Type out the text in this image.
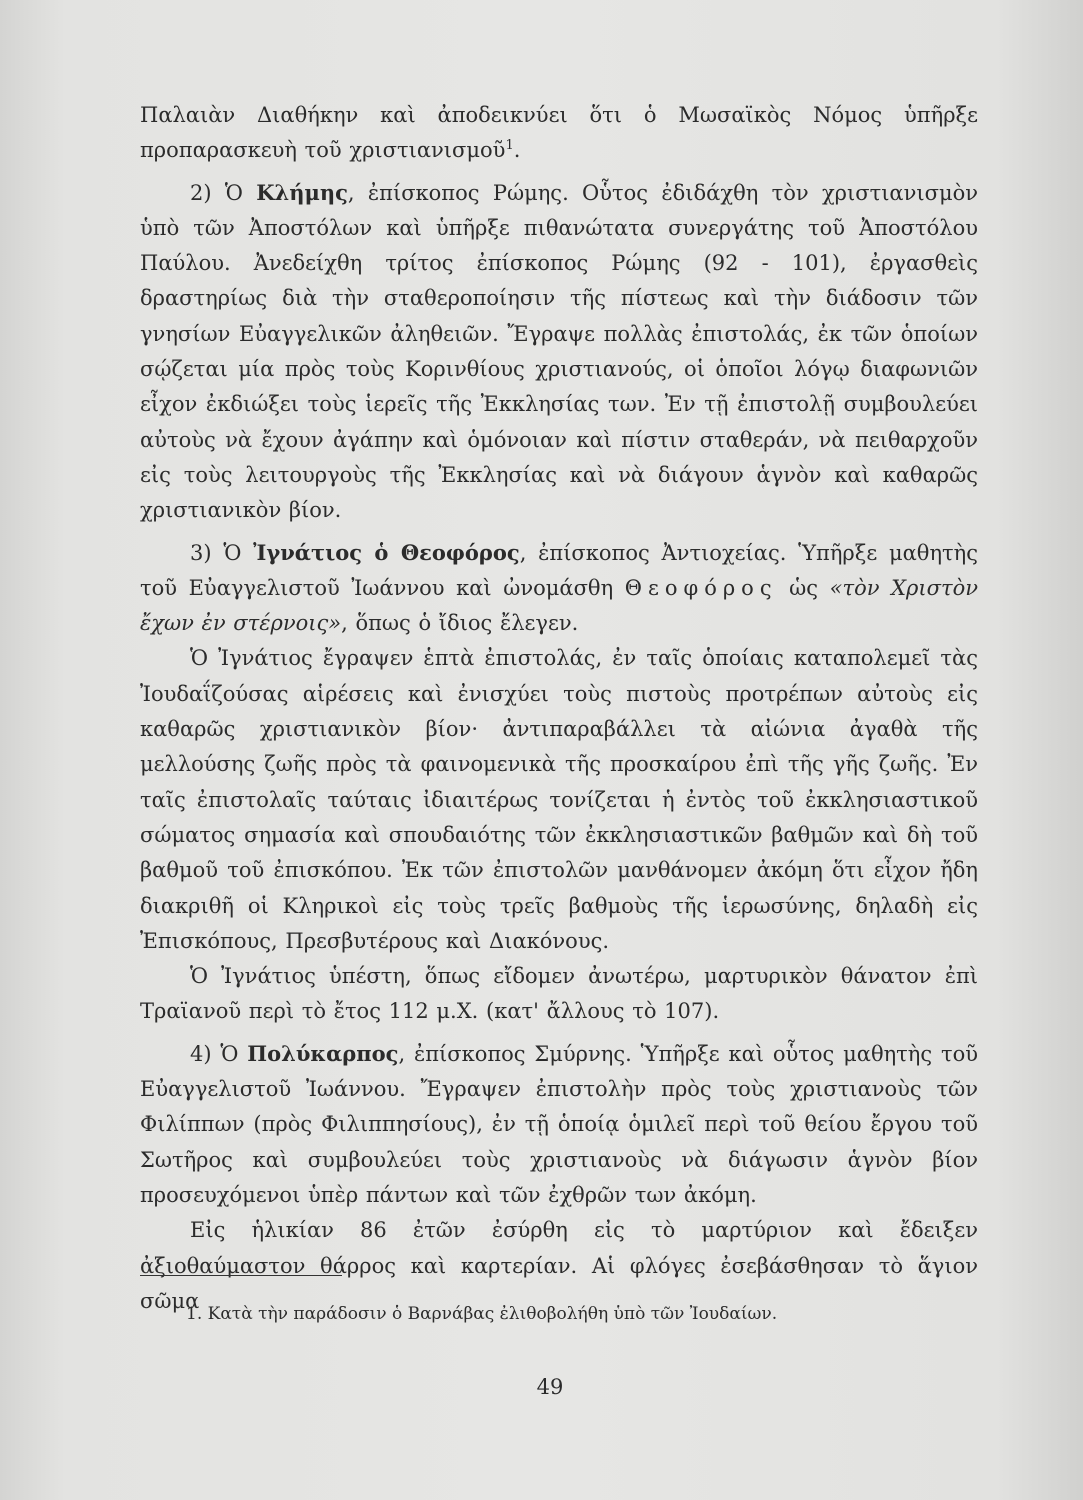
Παλαιὰν Διαθήκην καὶ ἀποδεικνύει ὅτι ὁ Μωσαϊκὸς Νόμος ὑπῆρξε προπαρασκευὴ τοῦ χριστιανισμοῦ$^1$.

2) Ὁ Κλήμης, ἐπίσκοπος Ρώμης. Οὗτος ἐδιδάχθη τὸν χριστιανισμὸν ὑπὸ τῶν Ἀποστόλων καὶ ὑπῆρξε πιθανώτατα συνεργάτης τοῦ Ἀποστόλου Παύλου. Ἀνεδείχθη τρίτος ἐπίσκοπος Ρώμης (92 - 101), ἐργασθεὶς δραστηρίως διὰ τὴν σταθεροποίησιν τῆς πίστεως καὶ τὴν διάδοσιν τῶν γνησίων Εὐαγγελικῶν ἀληθειῶν. Ἔγραψε πολλὰς ἐπιστολάς, ἐκ τῶν ὁποίων σῴζεται μία πρὸς τοὺς Κορινθίους χριστιανούς, οἱ ὁποῖοι λόγῳ διαφωνιῶν εἶχον ἐκδιώξει τοὺς ἱερεῖς τῆς Ἐκκλησίας των. Ἐν τῇ ἐπιστολῇ συμβουλεύει αὐτοὺς νὰ ἔχουν ἀγάπην καὶ ὁμόνοιαν καὶ πίστιν σταθεράν, νὰ πειθαρχοῦν εἰς τοὺς λειτουργοὺς τῆς Ἐκκλησίας καὶ νὰ διάγουν ἁγνὸν καὶ καθαρῶς χριστιανικὸν βίον.

3) Ὁ Ἰγνάτιος ὁ Θεοφόρος, ἐπίσκοπος Ἀντιοχείας. Ὑπῆρξε μαθητὴς τοῦ Εὐαγγελιστοῦ Ἰωάννου καὶ ὠνομάσθη Θεοφόρος ὡς «τὸν Χριστὸν ἔχων ἐν στέρνοις», ὅπως ὁ ἴδιος ἔλεγεν.

Ὁ Ἰγνάτιος ἔγραψεν ἑπτὰ ἐπιστολάς, ἐν ταῖς ὁποίαις καταπολεμεῖ τὰς Ἰουδαΐζούσας αἱρέσεις καὶ ἐνισχύει τοὺς πιστοὺς προτρέπων αὐτοὺς εἰς καθαρῶς χριστιανικὸν βίον· ἀντιπαραβάλλει τὰ αἰώνια ἀγαθὰ τῆς μελλούσης ζωῆς πρὸς τὰ φαινομενικὰ τῆς προσκαίρου ἐπὶ τῆς γῆς ζωῆς. Ἐν ταῖς ἐπιστολαῖς ταύταις ἰδιαιτέρως τονίζεται ἡ ἐντὸς τοῦ ἐκκλησιαστικοῦ σώματος σημασία καὶ σπουδαιότης τῶν ἐκκλησιαστικῶν βαθμῶν καὶ δὴ τοῦ βαθμοῦ τοῦ ἐπισκόπου. Ἐκ τῶν ἐπιστολῶν μανθάνομεν ἀκόμη ὅτι εἶχον ἤδη διακριθῆ οἱ Κληρικοὶ εἰς τοὺς τρεῖς βαθμοὺς τῆς ἱερωσύνης, δηλαδὴ εἰς Ἐπισκόπους, Πρεσβυτέρους καὶ Διακόνους.

Ὁ Ἰγνάτιος ὑπέστη, ὅπως εἴδομεν ἀνωτέρω, μαρτυρικὸν θάνατον ἐπὶ Τραϊανοῦ περὶ τὸ ἔτος 112 μ.Χ. (κατ' ἄλλους τὸ 107).

4) Ὁ Πολύκαρπος, ἐπίσκοπος Σμύρνης. Ὑπῆρξε καὶ οὗτος μαθητὴς τοῦ Εὐαγγελιστοῦ Ἰωάννου. Ἔγραψεν ἐπιστολὴν πρὸς τοὺς χριστιανοὺς τῶν Φιλίππων (πρὸς Φιλιππησίους), ἐν τῇ ὁποίᾳ ὁμιλεῖ περὶ τοῦ θείου ἔργου τοῦ Σωτῆρος καὶ συμβουλεύει τοὺς χριστιανοὺς νὰ διάγωσιν ἁγνὸν βίον προσευχόμενοι ὑπὲρ πάντων καὶ τῶν ἐχθρῶν των ἀκόμη.

Εἰς ἡλικίαν 86 ἐτῶν ἐσύρθη εἰς τὸ μαρτύριον καὶ ἔδειξεν ἀξιοθαύμαστον θάρρος καὶ καρτερίαν. Αἱ φλόγες ἐσεβάσθησαν τὸ ἅγιον σῶμα

1. Κατὰ τὴν παράδοσιν ὁ Βαρνάβας ἐλιθοβολήθη ὑπὸ τῶν Ἰουδαίων.
49
